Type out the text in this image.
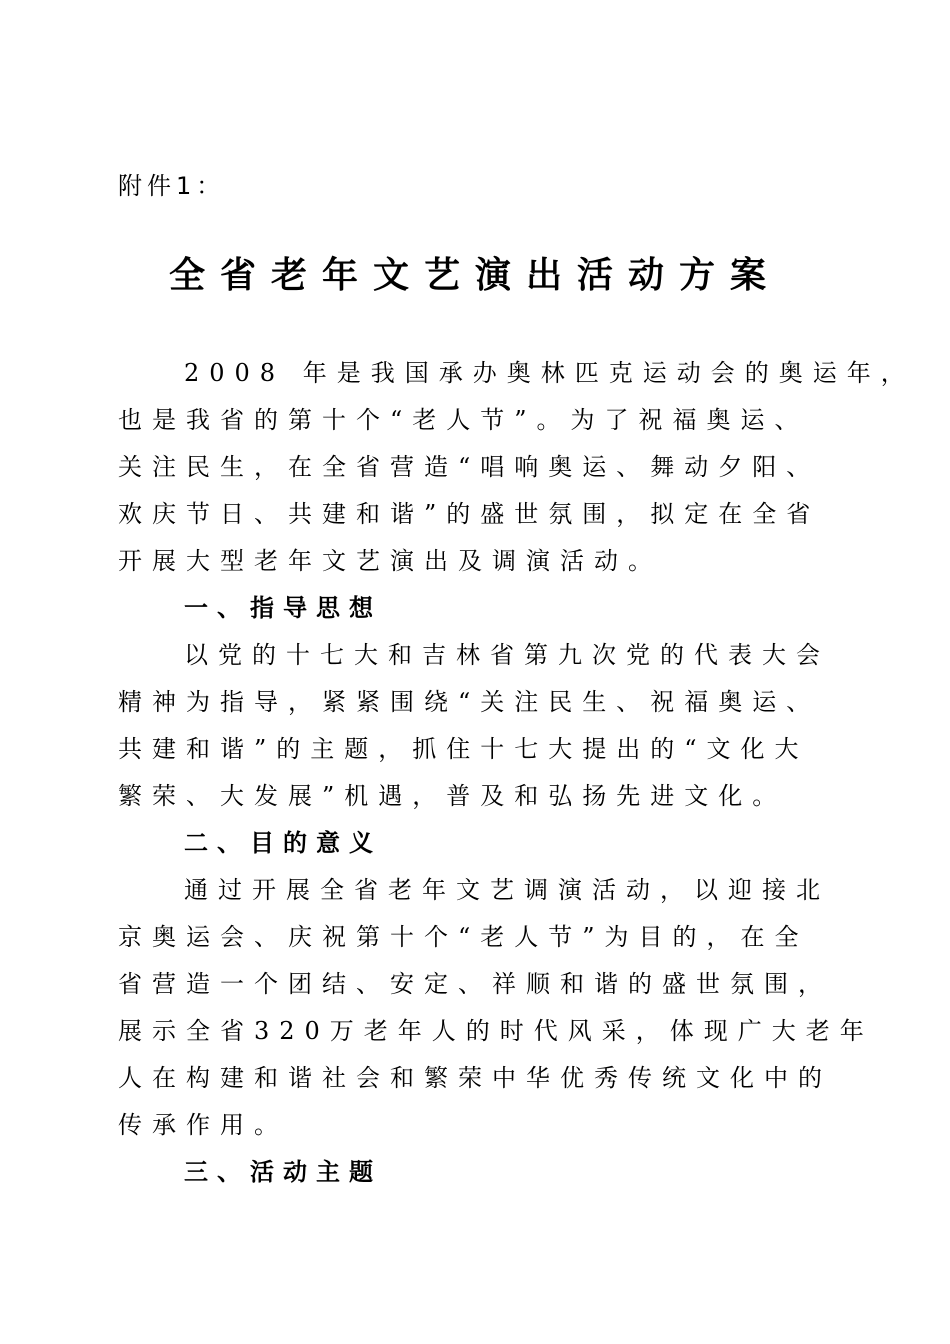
附件1：
全省老年文艺演出活动方案
2008 年是我国承办奥林匹克运动会的奥运年，
也是我省的第十个“老人节”。为了祝福奥运、
关注民生，在全省营造“唱响奥运、舞动夕阳、
欢庆节日、共建和谐”的盛世氛围，拟定在全省
开展大型老年文艺演出及调演活动。
一、指导思想
以党的十七大和吉林省第九次党的代表大会
精神为指导，紧紧围绕“关注民生、祝福奥运、
共建和谐”的主题，抓住十七大提出的“文化大
繁荣、大发展”机遇，普及和弘扬先进文化。
二、目的意义
通过开展全省老年文艺调演活动，以迎接北
京奥运会、庆祝第十个“老人节”为目的，在全
省营造一个团结、安定、祥顺和谐的盛世氛围，
展示全省320万老年人的时代风采，体现广大老年
人在构建和谐社会和繁荣中华优秀传统文化中的
传承作用。
三、活动主题
